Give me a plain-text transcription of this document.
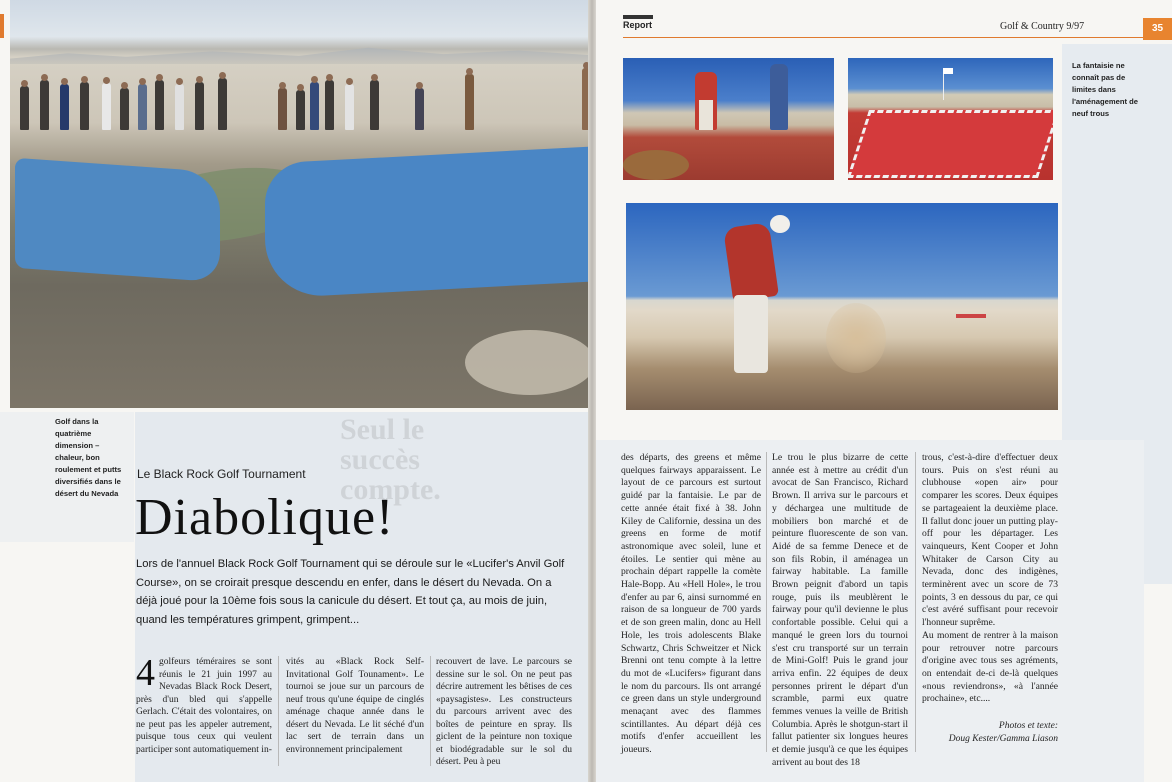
Golf dans la quatrième dimension – chaleur, bon roulement et putts diversifiés dans le désert du Nevada
Seul le succès compte.
Le Black Rock Golf Tournament
Diabolique!
Lors de l'annuel Black Rock Golf Tournament qui se déroule sur le «Lucifer's Anvil Golf Course», on se croirait presque descendu en enfer, dans le désert du Nevada. On a déjà joué pour la 10ème fois sous la canicule du désert. Et tout ça, au mois de juin, quand les températures grimpent, grimpent...
4 golfeurs téméraires se sont réunis le 21 juin 1997 au Nevadas Black Rock Desert, près d'un bled qui s'appelle Gerlach. C'était des volontaires, on ne peut pas les appeler autrement, puisque tous ceux qui veulent participer sont automatiquement in-
vités au «Black Rock Self-Invitational Golf Tounament». Le tournoi se joue sur un parcours de neuf trous qu'une équipe de cinglés aménage chaque année dans le désert du Nevada. Le lit séché d'un lac sert de terrain dans un environnement principalement
recouvert de lave. Le parcours se dessine sur le sol. On ne peut pas décrire autrement les bêtises de ces «paysagistes». Les constructeurs du parcours arrivent avec des boîtes de peinture en spray. Ils giclent de la peinture non toxique et biodégradable sur le sol du désert. Peu à peu
Report	Golf & Country 9/97	35
La fantaisie ne connaît pas de limites dans l'aménagement de neuf trous
des départs, des greens et même quelques fairways apparaissent. Le layout de ce parcours est surtout guidé par la fantaisie. Le par de cette année était fixé à 38. John Kiley de Californie, dessina un des greens en forme de motif astronomique avec soleil, lune et étoiles. Le sentier qui mène au prochain départ rappelle la comète Hale-Bopp. Au «Hell Hole», le trou d'enfer au par 6, ainsi surnommé en raison de sa longueur de 700 yards et de son green malin, donc au Hell Hole, les trois adolescents Blake Schwartz, Chris Schweitzer et Nick Brenni ont tenu compte à la lettre du mot de «Lucifers» figurant dans le nom du parcours. Ils ont arrangé ce green dans un style underground menaçant avec des flammes scintillantes. Au départ déjà ces motifs d'enfer accueillent les joueurs.
Le trou le plus bizarre de cette année est à mettre au crédit d'un avocat de San Francisco, Richard Brown. Il arriva sur le parcours et y déchargea une multitude de mobiliers bon marché et de peinture fluorescente de son van. Aidé de sa femme Denece et de son fils Robin, il aménagea un fairway habitable. La famille Brown peignit d'abord un tapis rouge, puis ils meublèrent le fairway pour qu'il devienne le plus confortable possible. Celui qui a manqué le green lors du tournoi s'est cru transporté sur un terrain de Mini-Golf! Puis le grand jour arriva enfin. 22 équipes de deux personnes prirent le départ d'un scramble, parmi eux quatre femmes venues la veille de British Columbia. Après le shotgun-start il fallut patienter six longues heures et demie jusqu'à ce que les équipes arrivent au bout des 18

trous, c'est-à-dire d'effectuer deux tours. Puis on s'est réuni au clubhouse «open air» pour comparer les scores. Deux équipes se partageaient la deuxième place. Il fallut donc jouer un putting play-off pour les départager. Les vainqueurs, Kent Cooper et John Whitaker de Carson City au Nevada, donc des indigènes, terminèrent avec un score de 73 points, 3 en dessous du par, ce qui c'est avéré suffisant pour recevoir l'honneur suprême.

Au moment de rentrer à la maison pour retrouver notre parcours d'origine avec tous ses agréments, on entendait de-ci de-là quelques «nous reviendrons», «à l'année prochaine», etc....

Photos et texte:
Doug Kester/Gamma Liason
